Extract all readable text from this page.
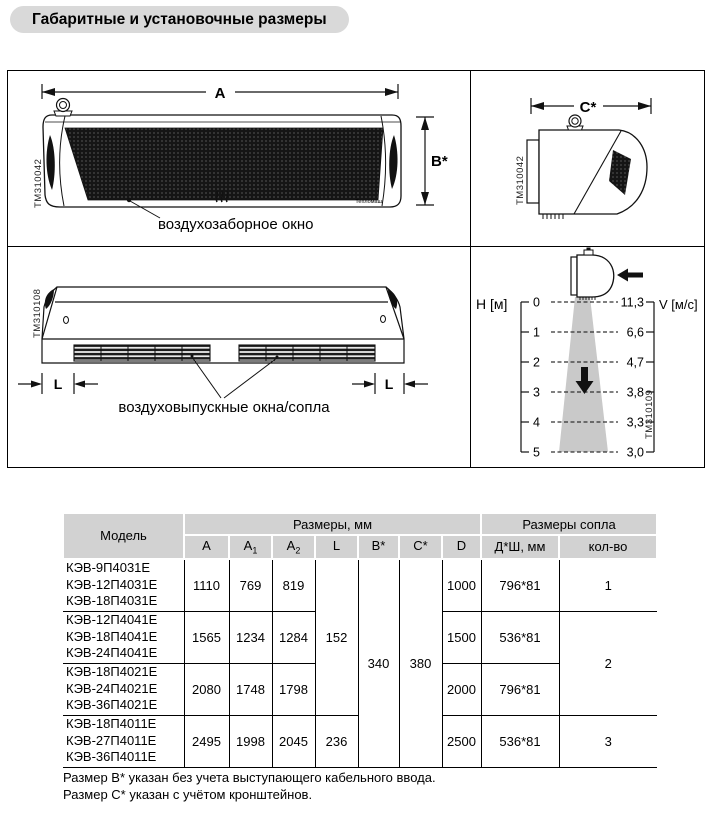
Габаритные и установочные размеры
A
Тепломаш
B*
ТМ310042
воздухозаборное окно
C*
ТМ310042
L	L
воздуховыпускные окна/сопла
ТМ310108	Н [м]	V [м/с]
0
1
2
3
4
5
11,3
6,6
4,7
3,8
3,3
3,0
ТМ310109
Модель	Размеры, мм							Размеры сопла	
	A	$A_1$	$A_2$	L	B*	C*	D	Д*Ш, мм	кол-во

КЭВ-9П4031Е
КЭВ-12П4031Е
КЭВ-18П4031Е	1110	769	819	152	340	380	1000	796*81	1

КЭВ-12П4041Е
КЭВ-18П4041Е
КЭВ-24П4041Е	1565	1234	1284				1500	536*81	2

КЭВ-18П4021Е
КЭВ-24П4021Е
КЭВ-36П4021Е	2080	1748	1798				2000	796*81	

КЭВ-18П4011Е
КЭВ-27П4011Е
КЭВ-36П4011Е	2495	1998	2045	236			2500	536*81	3
Размер В* указан без учета выступающего кабельного ввода.
Размер С* указан с учётом кронштейнов.
